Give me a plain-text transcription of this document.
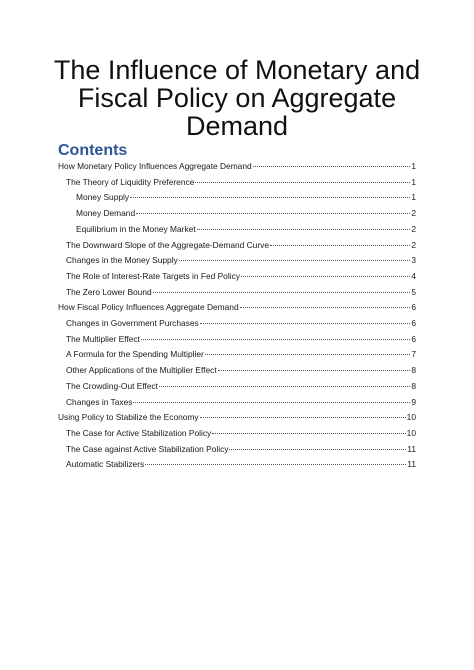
The Influence of Monetary and Fiscal Policy on Aggregate Demand
Contents
How Monetary Policy Influences Aggregate Demand	1
The Theory of Liquidity Preference	1
Money Supply	1
Money Demand	2
Equilibrium in the Money Market	2
The Downward Slope of the Aggregate-Demand Curve	2
Changes in the Money Supply	3
The Role of Interest-Rate Targets in Fed Policy	4
The Zero Lower Bound	5
How Fiscal Policy Influences Aggregate Demand	6
Changes in Government Purchases	6
The Multiplier Effect	6
A Formula for the Spending Multiplier	7
Other Applications of the Multiplier Effect	8
The Crowding-Out Effect	8
Changes in Taxes	9
Using Policy to Stabilize the Economy	10
The Case for Active Stabilization Policy	10
The Case against Active Stabilization Policy	11
Automatic Stabilizers	11
